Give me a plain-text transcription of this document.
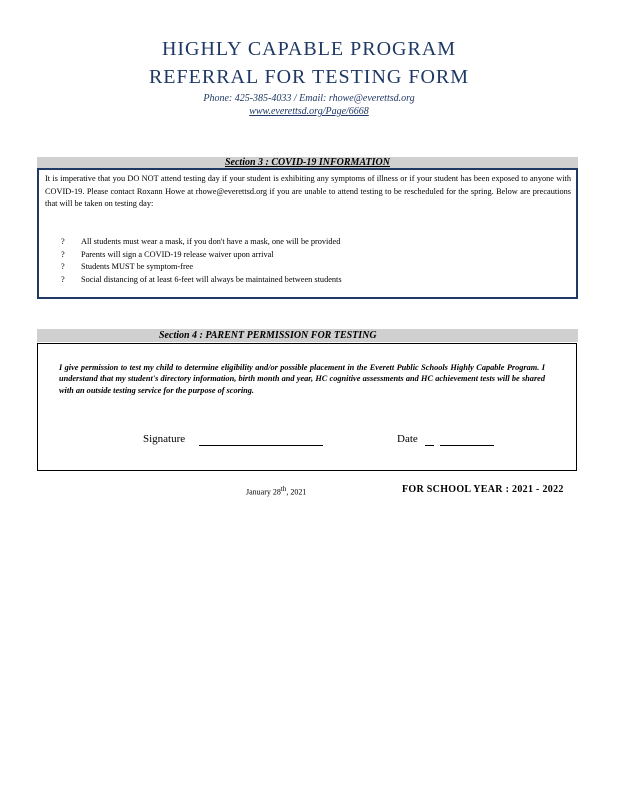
HIGHLY CAPABLE PROGRAM
REFERRAL FOR TESTING FORM
Phone: 425-385-4033 / Email: rhowe@everettsd.org
www.everettsd.org/Page/6668
Section 3 : COVID-19 INFORMATION
It is imperative that you DO NOT attend testing day if your student is exhibiting any symptoms of illness or if your student has been exposed to anyone with COVID-19. Please contact Roxann Howe at rhowe@everettsd.org if you are unable to attend testing to be rescheduled for the spring. Below are precautions that will be taken on testing day:
? All students must wear a mask, if you don't have a mask, one will be provided
? Parents will sign a COVID-19 release waiver upon arrival
? Students MUST be symptom-free
? Social distancing of at least 6-feet will always be maintained between students
Section 4 : PARENT PERMISSION FOR TESTING
I give permission to test my child to determine eligibility and/or possible placement in the Everett Public Schools Highly Capable Program. I understand that my student's directory information, birth month and year, HC cognitive assessments and HC achievement tests will be shared with an outside testing service for the purpose of scoring.
Signature	Date
January 28th, 2021	FOR SCHOOL YEAR : 2021 - 2022
